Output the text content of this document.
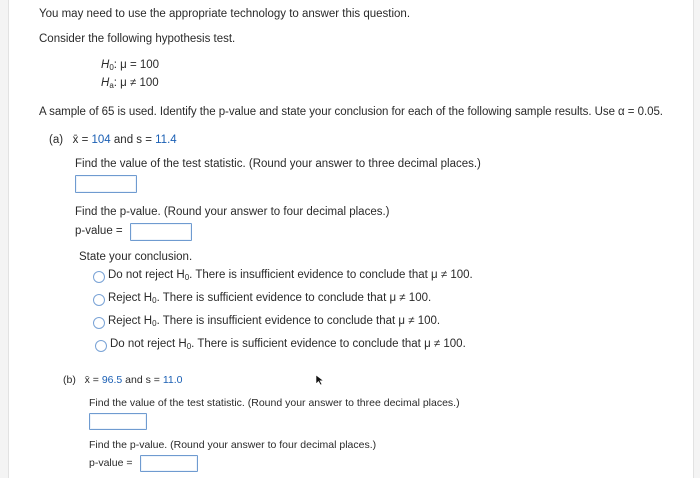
You may need to use the appropriate technology to answer this question.
Consider the following hypothesis test.
$H_0$: μ = 100
$H_a$: μ ≠ 100
A sample of 65 is used. Identify the p-value and state your conclusion for each of the following sample results. Use α = 0.05.
(a) x̄ = 104 and s = 11.4
Find the value of the test statistic. (Round your answer to three decimal places.)
Find the p-value. (Round your answer to four decimal places.)
p-value =
State your conclusion.
Do not reject $H_0$. There is insufficient evidence to conclude that μ ≠ 100.
Reject $H_0$. There is sufficient evidence to conclude that μ ≠ 100.
Reject $H_0$. There is insufficient evidence to conclude that μ ≠ 100.
Do not reject $H_0$. There is sufficient evidence to conclude that μ ≠ 100.
(b) x̄ = 96.5 and s = 11.0
Find the value of the test statistic. (Round your answer to three decimal places.)
Find the p-value. (Round your answer to four decimal places.)
p-value =
